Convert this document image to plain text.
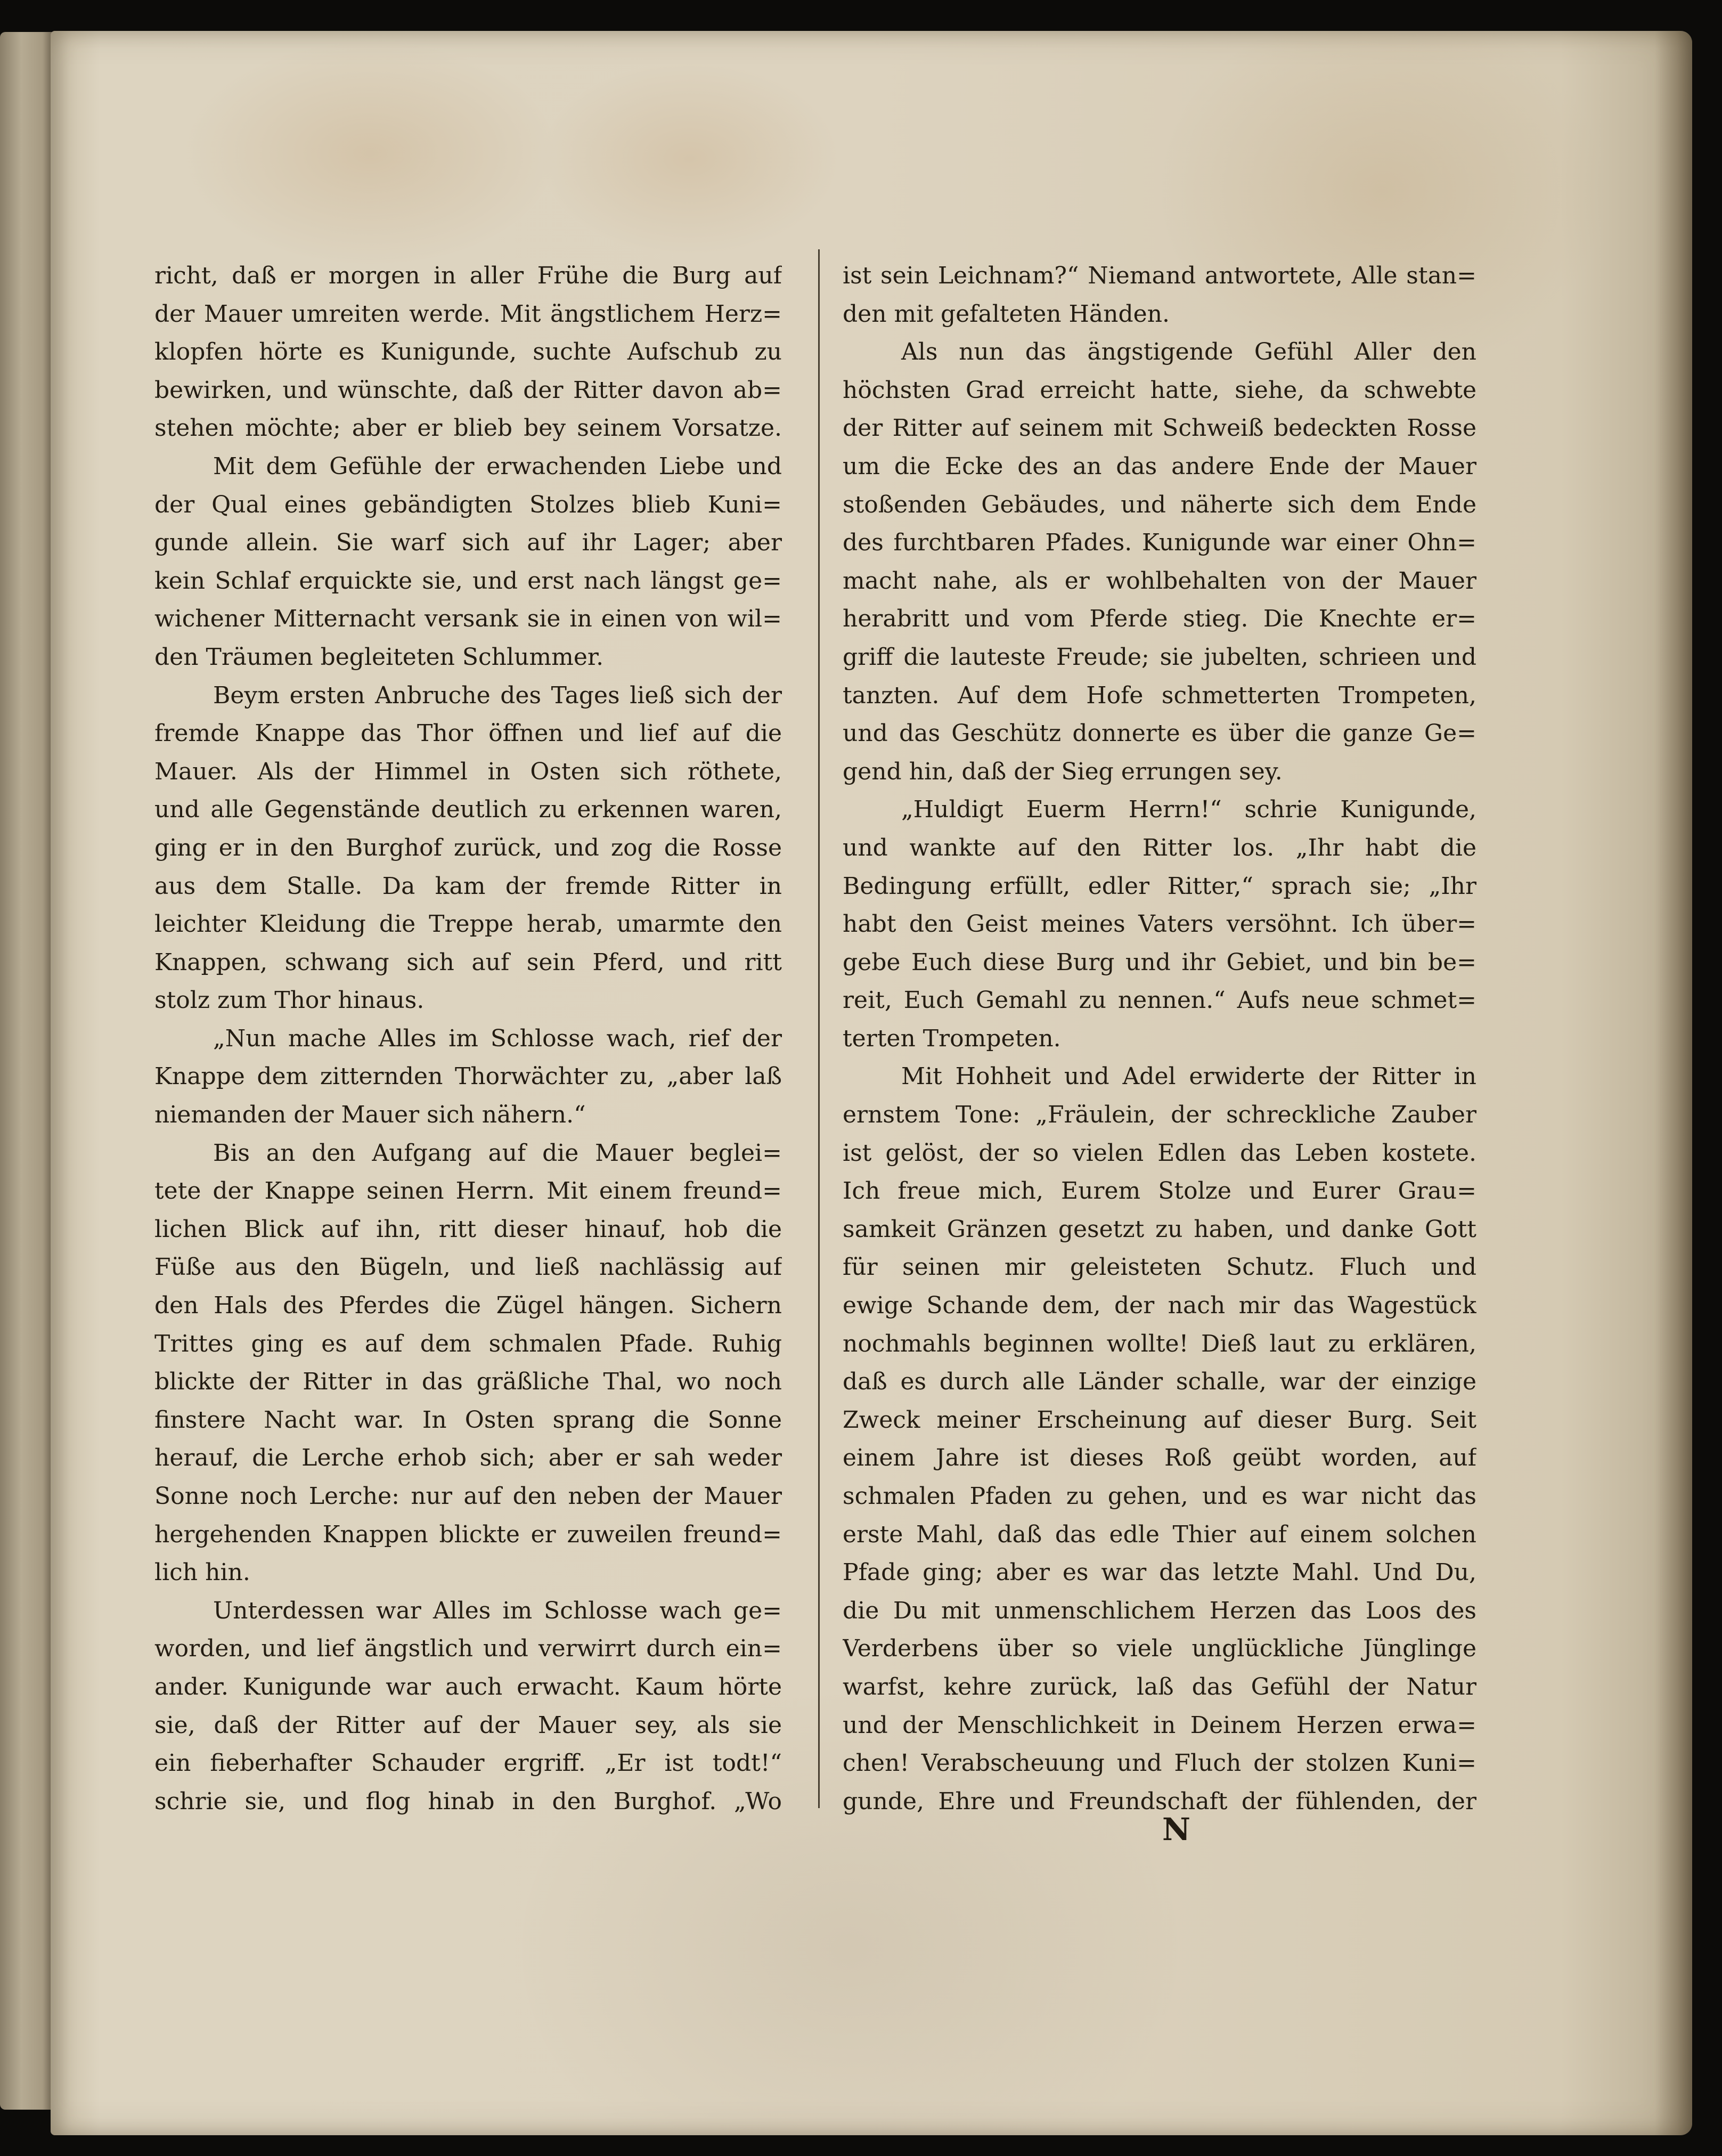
richt, daß er morgen in aller Frühe die Burg auf
der Mauer umreiten werde. Mit ängstlichem Herz=
klopfen hörte es Kunigunde, suchte Aufschub zu
bewirken, und wünschte, daß der Ritter davon ab=
stehen möchte; aber er blieb bey seinem Vorsatze.
Mit dem Gefühle der erwachenden Liebe und
der Qual eines gebändigten Stolzes blieb Kuni=
gunde allein. Sie warf sich auf ihr Lager; aber
kein Schlaf erquickte sie, und erst nach längst ge=
wichener Mitternacht versank sie in einen von wil=
den Träumen begleiteten Schlummer.
Beym ersten Anbruche des Tages ließ sich der
fremde Knappe das Thor öffnen und lief auf die
Mauer. Als der Himmel in Osten sich röthete,
und alle Gegenstände deutlich zu erkennen waren,
ging er in den Burghof zurück, und zog die Rosse
aus dem Stalle. Da kam der fremde Ritter in
leichter Kleidung die Treppe herab, umarmte den
Knappen, schwang sich auf sein Pferd, und ritt
stolz zum Thor hinaus.
„Nun mache Alles im Schlosse wach, rief der
Knappe dem zitternden Thorwächter zu, „aber laß
niemanden der Mauer sich nähern.“
Bis an den Aufgang auf die Mauer beglei=
tete der Knappe seinen Herrn. Mit einem freund=
lichen Blick auf ihn, ritt dieser hinauf, hob die
Füße aus den Bügeln, und ließ nachlässig auf
den Hals des Pferdes die Zügel hängen. Sichern
Trittes ging es auf dem schmalen Pfade. Ruhig
blickte der Ritter in das gräßliche Thal, wo noch
finstere Nacht war. In Osten sprang die Sonne
herauf, die Lerche erhob sich; aber er sah weder
Sonne noch Lerche: nur auf den neben der Mauer
hergehenden Knappen blickte er zuweilen freund=
lich hin.
Unterdessen war Alles im Schlosse wach ge=
worden, und lief ängstlich und verwirrt durch ein=
ander. Kunigunde war auch erwacht. Kaum hörte
sie, daß der Ritter auf der Mauer sey, als sie
ein fieberhafter Schauder ergriff. „Er ist todt!“
schrie sie, und flog hinab in den Burghof. „Wo
ist sein Leichnam?“ Niemand antwortete, Alle stan=
den mit gefalteten Händen.
Als nun das ängstigende Gefühl Aller den
höchsten Grad erreicht hatte, siehe, da schwebte
der Ritter auf seinem mit Schweiß bedeckten Rosse
um die Ecke des an das andere Ende der Mauer
stoßenden Gebäudes, und näherte sich dem Ende
des furchtbaren Pfades. Kunigunde war einer Ohn=
macht nahe, als er wohlbehalten von der Mauer
herabritt und vom Pferde stieg. Die Knechte er=
griff die lauteste Freude; sie jubelten, schrieen und
tanzten. Auf dem Hofe schmetterten Trompeten,
und das Geschütz donnerte es über die ganze Ge=
gend hin, daß der Sieg errungen sey.
„Huldigt Euerm Herrn!“ schrie Kunigunde,
und wankte auf den Ritter los. „Ihr habt die
Bedingung erfüllt, edler Ritter,“ sprach sie; „Ihr
habt den Geist meines Vaters versöhnt. Ich über=
gebe Euch diese Burg und ihr Gebiet, und bin be=
reit, Euch Gemahl zu nennen.“ Aufs neue schmet=
terten Trompeten.
Mit Hohheit und Adel erwiderte der Ritter in
ernstem Tone: „Fräulein, der schreckliche Zauber
ist gelöst, der so vielen Edlen das Leben kostete.
Ich freue mich, Eurem Stolze und Eurer Grau=
samkeit Gränzen gesetzt zu haben, und danke Gott
für seinen mir geleisteten Schutz. Fluch und
ewige Schande dem, der nach mir das Wagestück
nochmahls beginnen wollte! Dieß laut zu erklären,
daß es durch alle Länder schalle, war der einzige
Zweck meiner Erscheinung auf dieser Burg. Seit
einem Jahre ist dieses Roß geübt worden, auf
schmalen Pfaden zu gehen, und es war nicht das
erste Mahl, daß das edle Thier auf einem solchen
Pfade ging; aber es war das letzte Mahl. Und Du,
die Du mit unmenschlichem Herzen das Loos des
Verderbens über so viele unglückliche Jünglinge
warfst, kehre zurück, laß das Gefühl der Natur
und der Menschlichkeit in Deinem Herzen erwa=
chen! Verabscheuung und Fluch der stolzen Kuni=
gunde, Ehre und Freundschaft der fühlenden, der
N
